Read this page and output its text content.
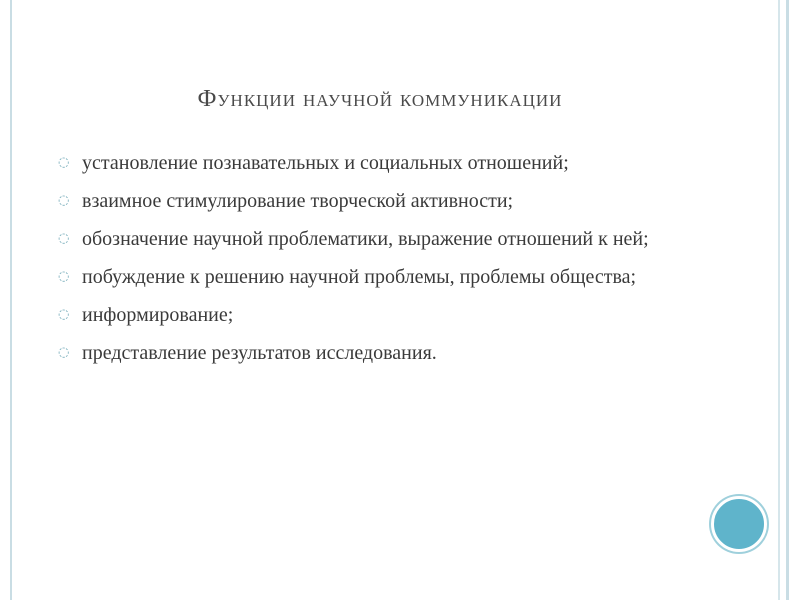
Функции научной коммуникации
◌ установление познавательных и социальных отношений;
◌ взаимное стимулирование творческой активности;
◌ обозначение научной проблематики, выражение отношений к ней;
◌ побуждение к решению научной проблемы, проблемы общества;
◌ информирование;
◌ представление результатов исследования.
